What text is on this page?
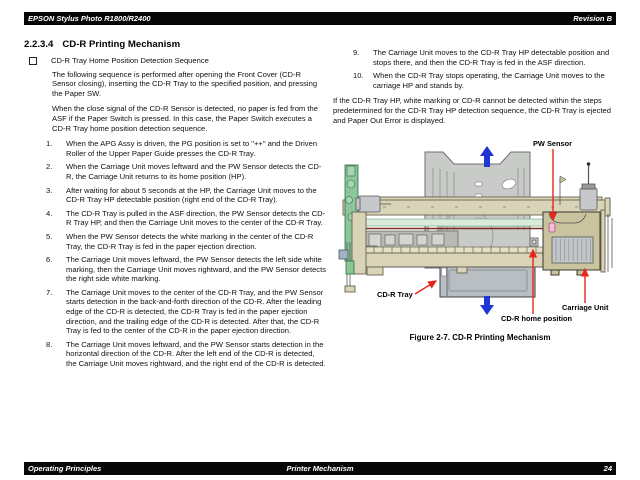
EPSON Stylus Photo R1800/R2400	Revision B
2.2.3.4 CD-R Printing Mechanism
CD-R Tray Home Position Detection Sequence
The following sequence is performed after opening the Front Cover (CD-R Sensor closing), inserting the CD-R Tray to the specified position, and pressing the Paper SW.
When the close signal of the CD-R Sensor is detected, no paper is fed from the ASF if the Paper Switch is pressed. In this case, the Paper Switch executes a CD-R Tray home position detection sequence.
1.	When the APG Assy is driven, the PG position is set to "++" and the Driven Roller of the Upper Paper Guide presses the CD-R Tray.
2.	When the Carriage Unit moves leftward and the PW Sensor detects the CD-R, the Carriage Unit returns to its home position (HP).
3.	After waiting for about 5 seconds at the HP, the Carriage Unit moves to the CD-R Tray HP detectable position (right end of the CD-R Tray).
4.	The CD-R Tray is pulled in the ASF direction, the PW Sensor detects the CD-R Tray HP, and then the Carriage Unit moves to the center of the CD-R Tray.
5.	When the PW Sensor detects the white marking in the center of the CD-R Tray, the CD-R Tray is fed in the paper ejection direction.
6.	The Carriage Unit moves leftward, the PW Sensor detects the left side white marking, then the Carriage Unit moves rightward, and the PW Sensor detects the right side white marking.
7.	The Carriage Unit moves to the center of the CD-R Tray, and the PW Sensor starts detection in the back-and-forth direction of the CD-R. After the leading edge of the CD-R is detected, the CD-R Tray is fed in the paper ejection direction, and the trailing edge of the CD-R is detected. After that, the CD-R Tray is fed to the center of the CD-R in the paper ejection direction.
8.	The Carriage Unit moves leftward, and the PW Sensor starts detection in the horizontal direction of the CD-R. After the left end of the CD-R is detected, the Carriage Unit moves rightward, and the right end of the CD-R is detected.
9.	The Carriage Unit moves to the CD-R Tray HP detectable position and stops there, and then the CD-R Tray is fed in the ASF direction.
10.	When the CD-R Tray stops operating, the Carriage Unit moves to the carriage HP and stands by.
If the CD-R Tray HP, white marking or CD-R cannot be detected within the steps predetermined for the CD-R Tray HP detection sequence, the CD-R Tray is ejected and Paper Out Error is displayed.
PW Sensor
CD-R Tray
Carriage Unit
CD-R home position
Figure 2-7. CD-R Printing Mechanism
Operating Principles	Printer Mechanism	24
